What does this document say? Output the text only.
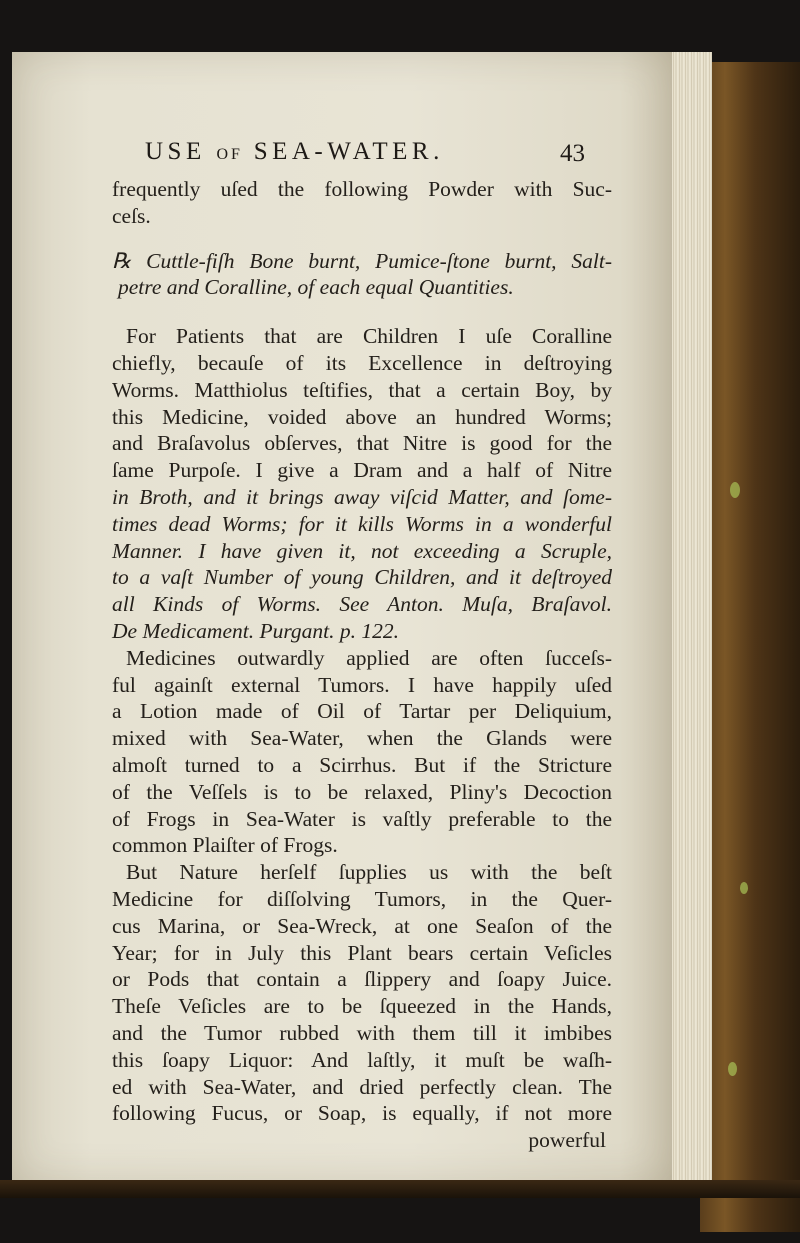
USE OF SEA-WATER.	43
frequently uſed the following Powder with Suc-
ceſs.
℞ Cuttle-fiſh Bone burnt, Pumice-ſtone burnt, Salt-
petre and Coralline, of each equal Quantities.
For Patients that are Children I uſe Coralline
chiefly, becauſe of its Excellence in deſtroying
Worms. Matthiolus teſtifies, that a certain Boy, by
this Medicine, voided above an hundred Worms;
and Braſavolus obſerves, that Nitre is good for the
ſame Purpoſe. I give a Dram and a half of Nitre
in Broth, and it brings away viſcid Matter, and ſome-
times dead Worms; for it kills Worms in a wonderful
Manner. I have given it, not exceeding a Scruple,
to a vaſt Number of young Children, and it deſtroyed
all Kinds of Worms. See Anton. Muſa, Braſavol.
De Medicament. Purgant. p. 122.
Medicines outwardly applied are often ſucceſs-
ful againſt external Tumors. I have happily uſed
a Lotion made of Oil of Tartar per Deliquium,
mixed with Sea-Water, when the Glands were
almoſt turned to a Scirrhus. But if the Stricture
of the Veſſels is to be relaxed, Pliny's Decoction
of Frogs in Sea-Water is vaſtly preferable to the
common Plaiſter of Frogs.
But Nature herſelf ſupplies us with the beſt
Medicine for diſſolving Tumors, in the Quer-
cus Marina, or Sea-Wreck, at one Seaſon of the
Year; for in July this Plant bears certain Veſicles
or Pods that contain a ſlippery and ſoapy Juice.
Theſe Veſicles are to be ſqueezed in the Hands,
and the Tumor rubbed with them till it imbibes
this ſoapy Liquor: And laſtly, it muſt be waſh-
ed with Sea-Water, and dried perfectly clean. The
following Fucus, or Soap, is equally, if not more
powerful
